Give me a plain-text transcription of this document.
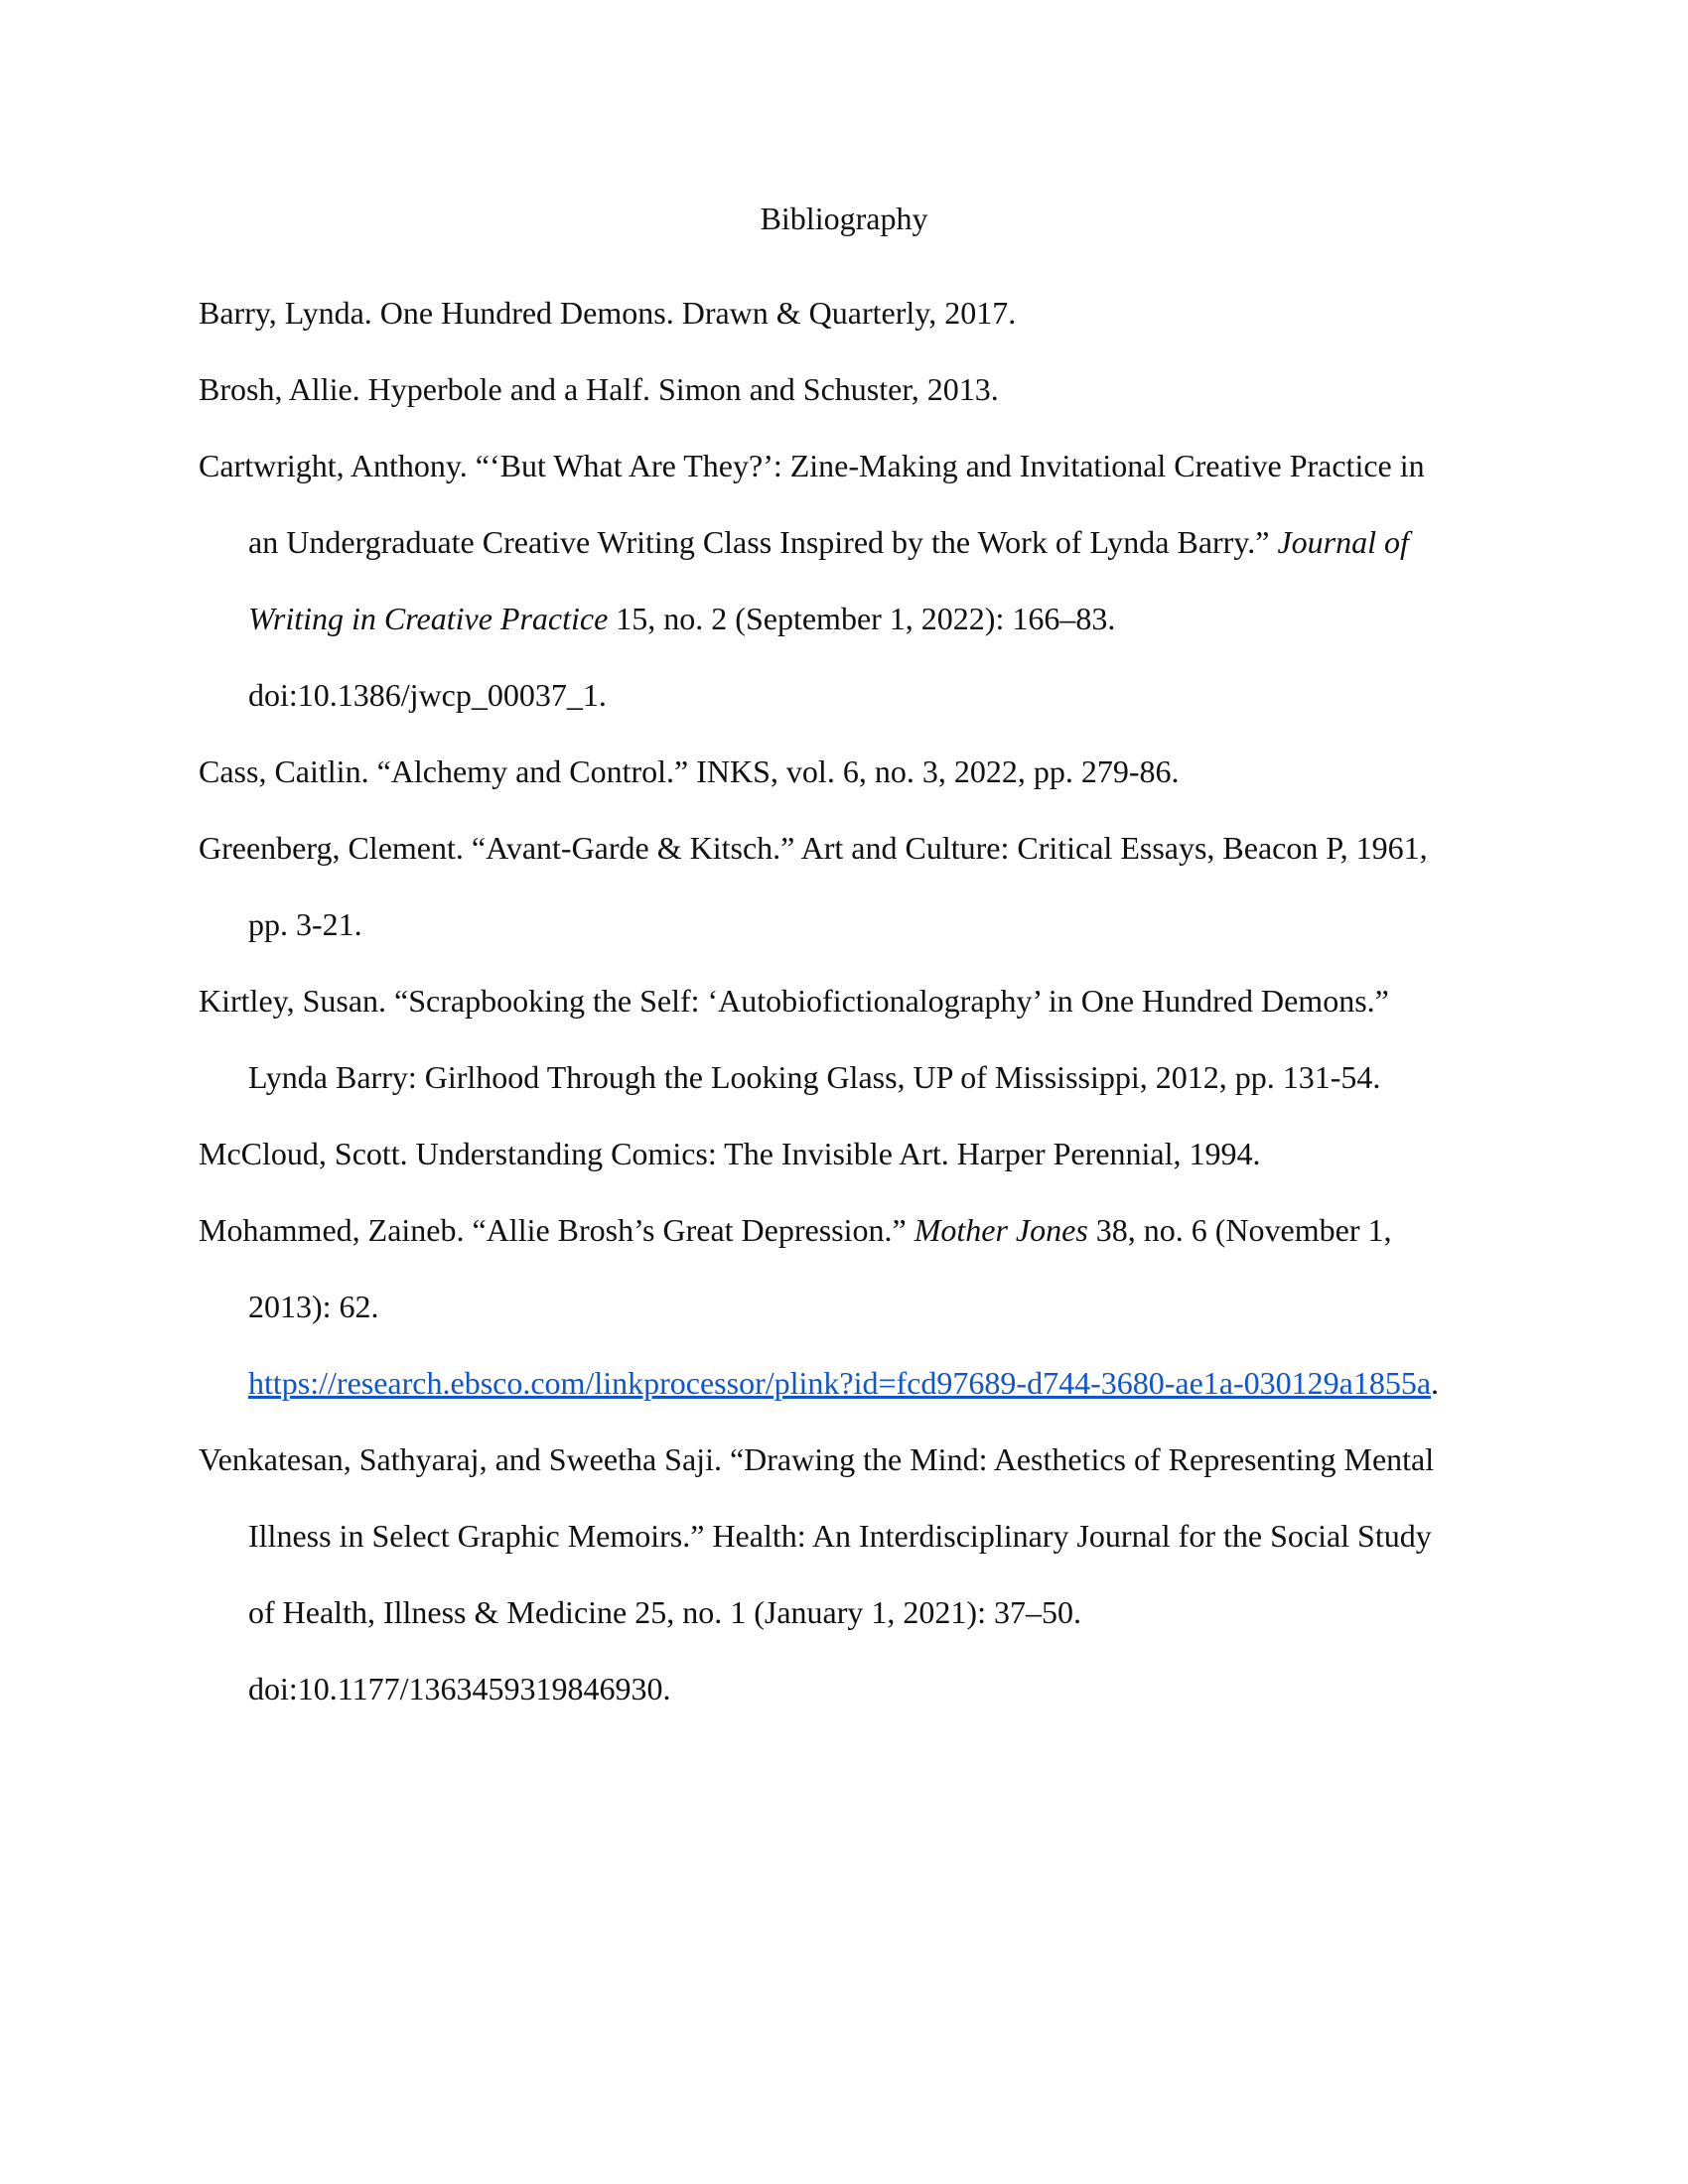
Bibliography
Barry, Lynda. One Hundred Demons. Drawn & Quarterly, 2017.
Brosh, Allie. Hyperbole and a Half. Simon and Schuster, 2013.
Cartwright, Anthony. “‘But What Are They?’: Zine-Making and Invitational Creative Practice in
an Undergraduate Creative Writing Class Inspired by the Work of Lynda Barry.” Journal of
Writing in Creative Practice 15, no. 2 (September 1, 2022): 166–83.
doi:10.1386/jwcp_00037_1.
Cass, Caitlin. “Alchemy and Control.” INKS, vol. 6, no. 3, 2022, pp. 279-86.
Greenberg, Clement. “Avant-Garde & Kitsch.” Art and Culture: Critical Essays, Beacon P, 1961,
pp. 3-21.
Kirtley, Susan. “Scrapbooking the Self: ‘Autobiofictionalography’ in One Hundred Demons.”
Lynda Barry: Girlhood Through the Looking Glass, UP of Mississippi, 2012, pp. 131-54.
McCloud, Scott. Understanding Comics: The Invisible Art. Harper Perennial, 1994.
Mohammed, Zaineb. “Allie Brosh’s Great Depression.” Mother Jones 38, no. 6 (November 1,
2013): 62.
https://research.ebsco.com/linkprocessor/plink?id=fcd97689-d744-3680-ae1a-030129a1855a.
Venkatesan, Sathyaraj, and Sweetha Saji. “Drawing the Mind: Aesthetics of Representing Mental
Illness in Select Graphic Memoirs.” Health: An Interdisciplinary Journal for the Social Study
of Health, Illness & Medicine 25, no. 1 (January 1, 2021): 37–50.
doi:10.1177/1363459319846930.
